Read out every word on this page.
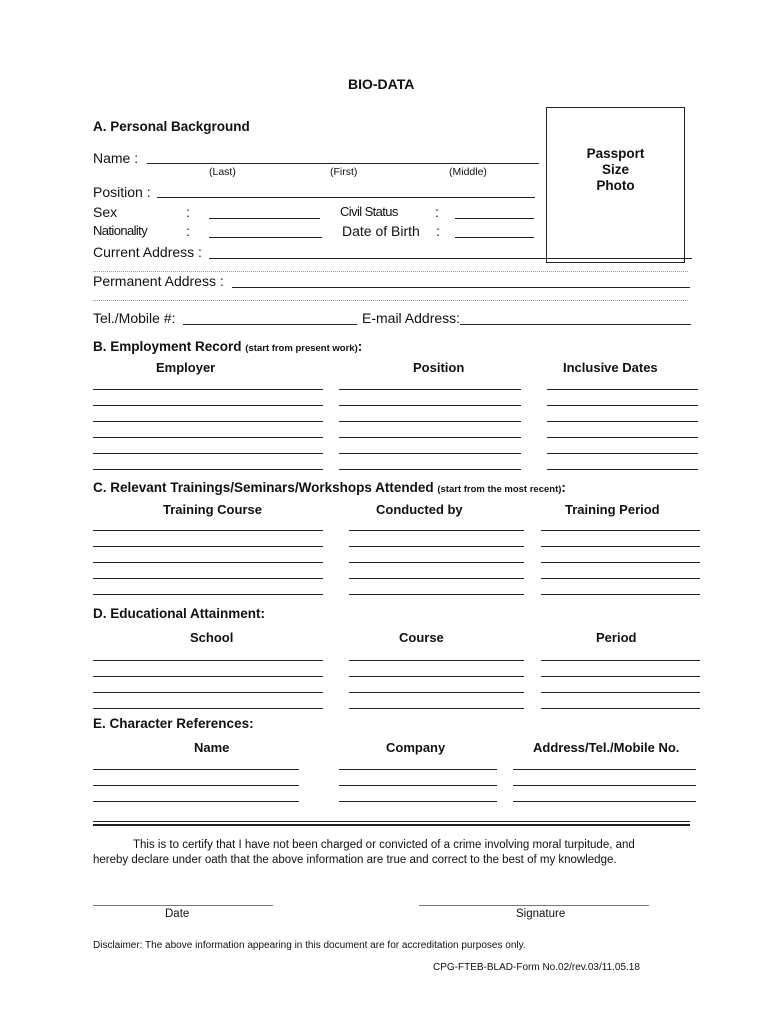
BIO-DATA
Passport
Size
Photo
A. Personal Background
Name :
(Last)	(First)	(Middle)
Position :
Sex	:	Civil Status	:
Nationality	:	Date of Birth :
Current Address :
Permanent Address :
Tel./Mobile #:	E-mail Address:
B. Employment Record (start from present work):
Employer	Position	Inclusive Dates
C. Relevant Trainings/Seminars/Workshops Attended (start from the most recent):
Training Course	Conducted by	Training Period
D. Educational Attainment:
School	Course	Period
E. Character References:
Name	Company	Address/Tel./Mobile No.
This is to certify that I have not been charged or convicted of a crime involving moral turpitude, and
hereby declare under oath that the above information are true and correct to the best of my knowledge.
Date	Signature
Disclaimer: The above information appearing in this document are for accreditation purposes only.
CPG-FTEB-BLAD-Form No.02/rev.03/11.05.18
